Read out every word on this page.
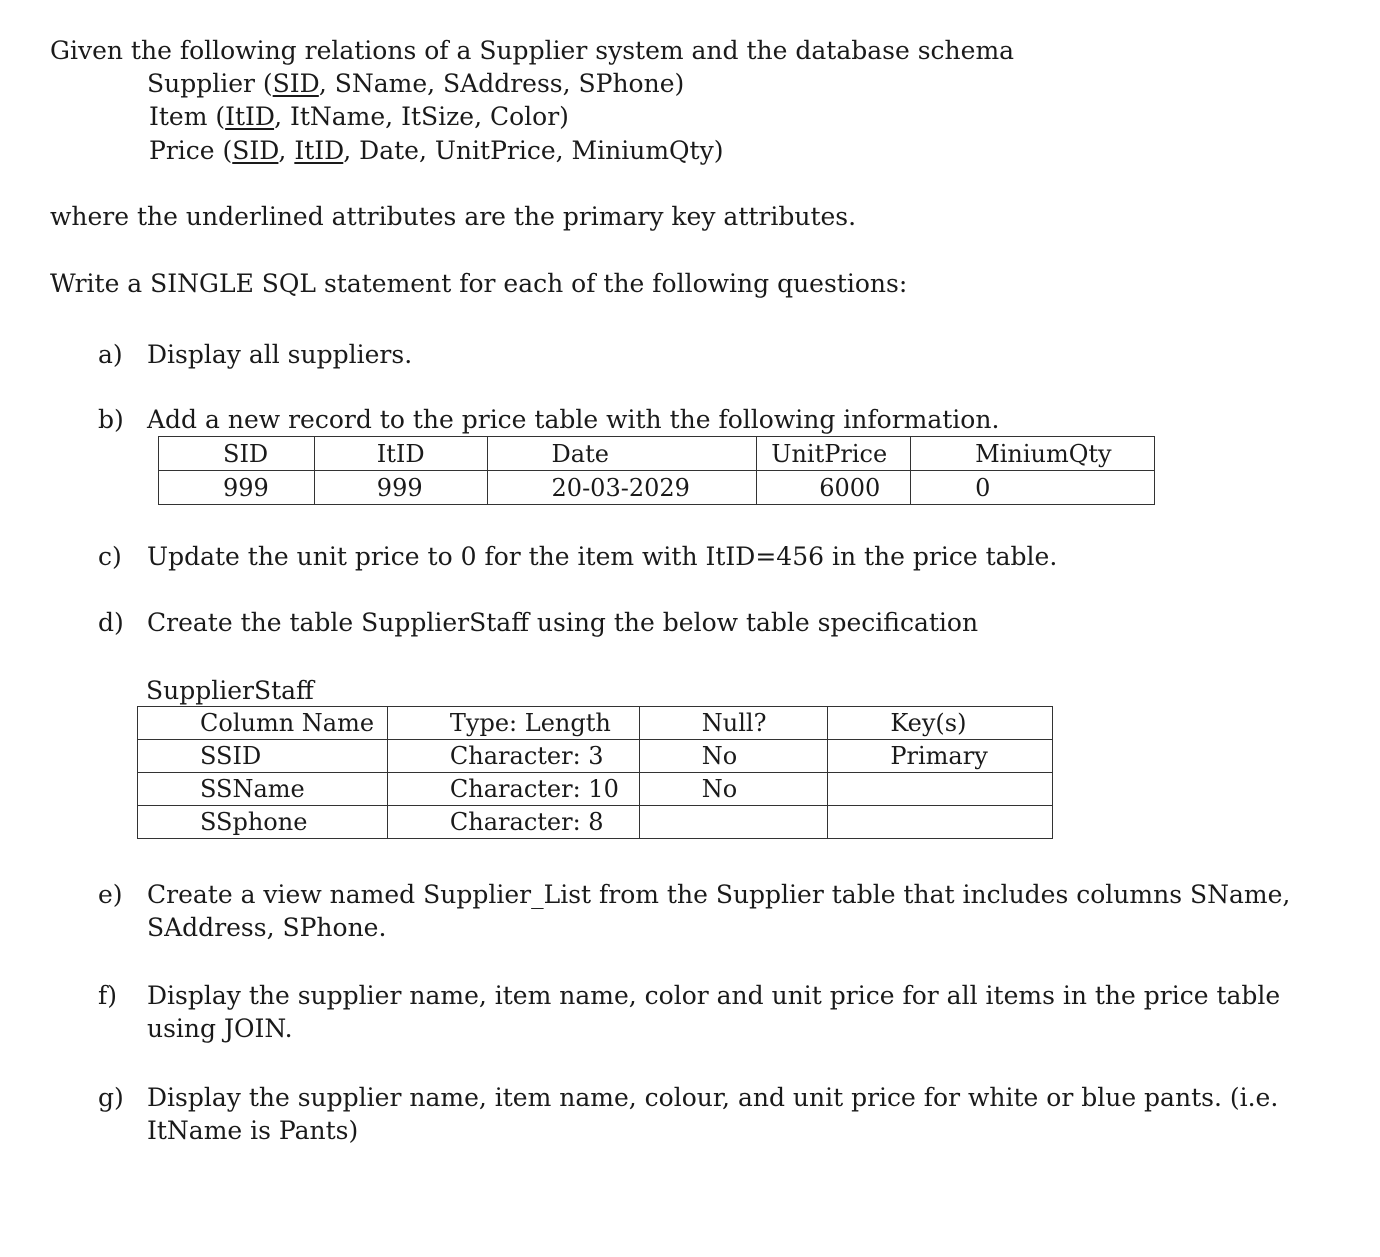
Given the following relations of a Supplier system and the database schema
Supplier (SID, SName, SAddress, SPhone)
Item (ItID, ItName, ItSize, Color)
Price (SID, ItID, Date, UnitPrice, MiniumQty)
where the underlined attributes are the primary key attributes.
Write a SINGLE SQL statement for each of the following questions:
a) Display all suppliers.
b) Add a new record to the price table with the following information.
SID	ItID	Date	UnitPrice	MiniumQty
999	999	20-03-2029	6000	0
c) Update the unit price to 0 for the item with ItID=456 in the price table.
d) Create the table SupplierStaff using the below table specification
SupplierStaff
Column Name	Type: Length	Null?	Key(s)
SSID	Character: 3	No	Primary
SSName	Character: 10	No	
SSphone	Character: 8		
e) Create a view named Supplier_List from the Supplier table that includes columns SName,
SAddress, SPhone.
f) Display the supplier name, item name, color and unit price for all items in the price table
using JOIN.
g) Display the supplier name, item name, colour, and unit price for white or blue pants. (i.e.
ItName is Pants)
